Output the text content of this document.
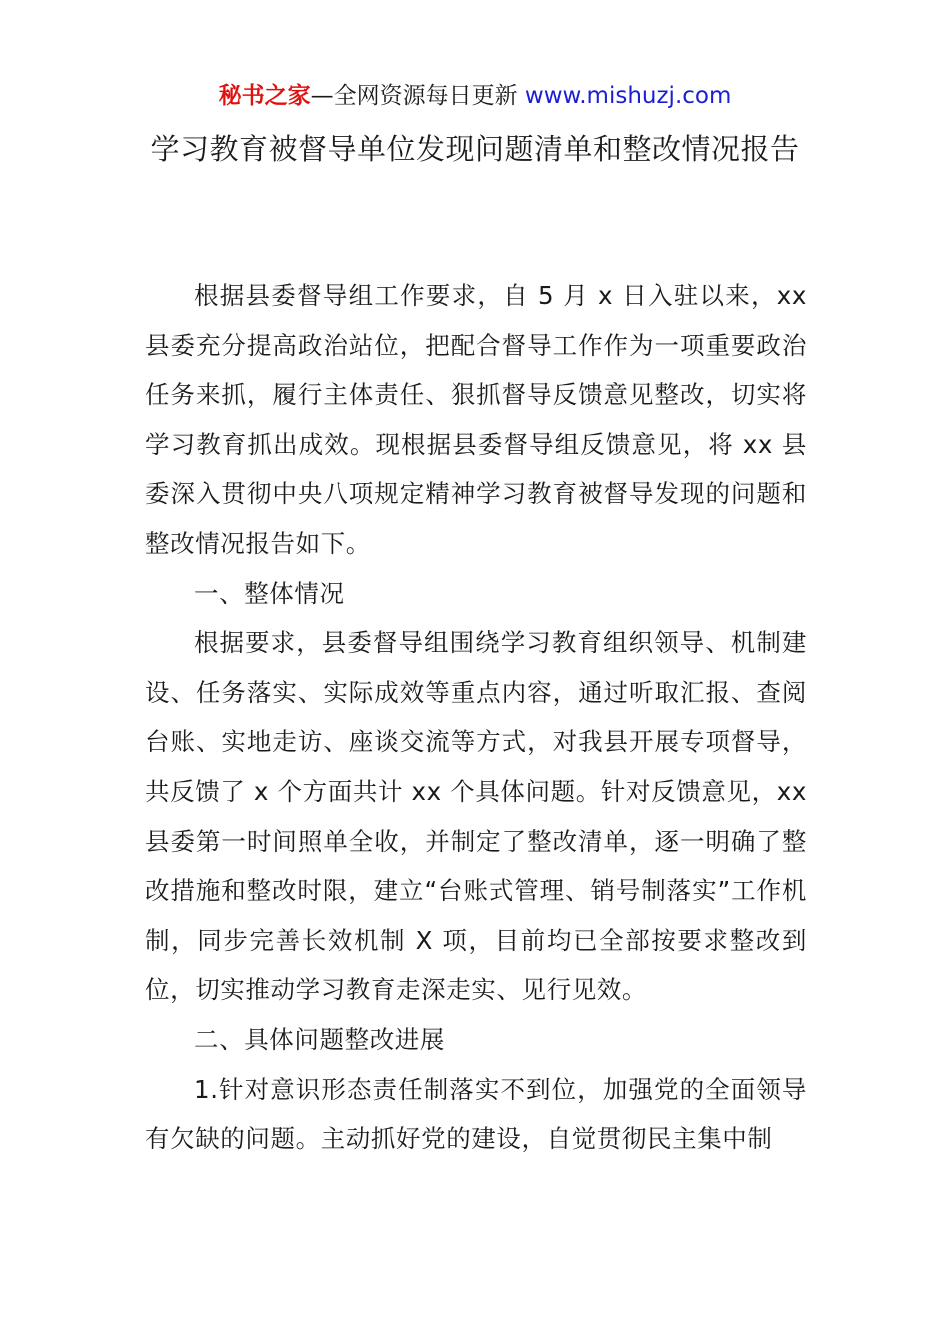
秘书之家—全网资源每日更新 www.mishuzj.com
学习教育被督导单位发现问题清单和整改情况报告

根据县委督导组工作要求，自 5 月 x 日入驻以来，xx 县委充分提高政治站位，把配合督导工作作为一项重要政治任务来抓，履行主体责任、狠抓督导反馈意见整改，切实将学习教育抓出成效。现根据县委督导组反馈意见，将 xx 县委深入贯彻中央八项规定精神学习教育被督导发现的问题和整改情况报告如下。

一、整体情况

根据要求，县委督导组围绕学习教育组织领导、机制建设、任务落实、实际成效等重点内容，通过听取汇报、查阅台账、实地走访、座谈交流等方式，对我县开展专项督导，共反馈了 x 个方面共计 xx 个具体问题。针对反馈意见，xx 县委第一时间照单全收，并制定了整改清单，逐一明确了整改措施和整改时限，建立“台账式管理、销号制落实”工作机制，同步完善长效机制 X 项，目前均已全部按要求整改到位，切实推动学习教育走深走实、见行见效。

二、具体问题整改进展

1.针对意识形态责任制落实不到位，加强党的全面领导有欠缺的问题。主动抓好党的建设，自觉贯彻民主集中制
